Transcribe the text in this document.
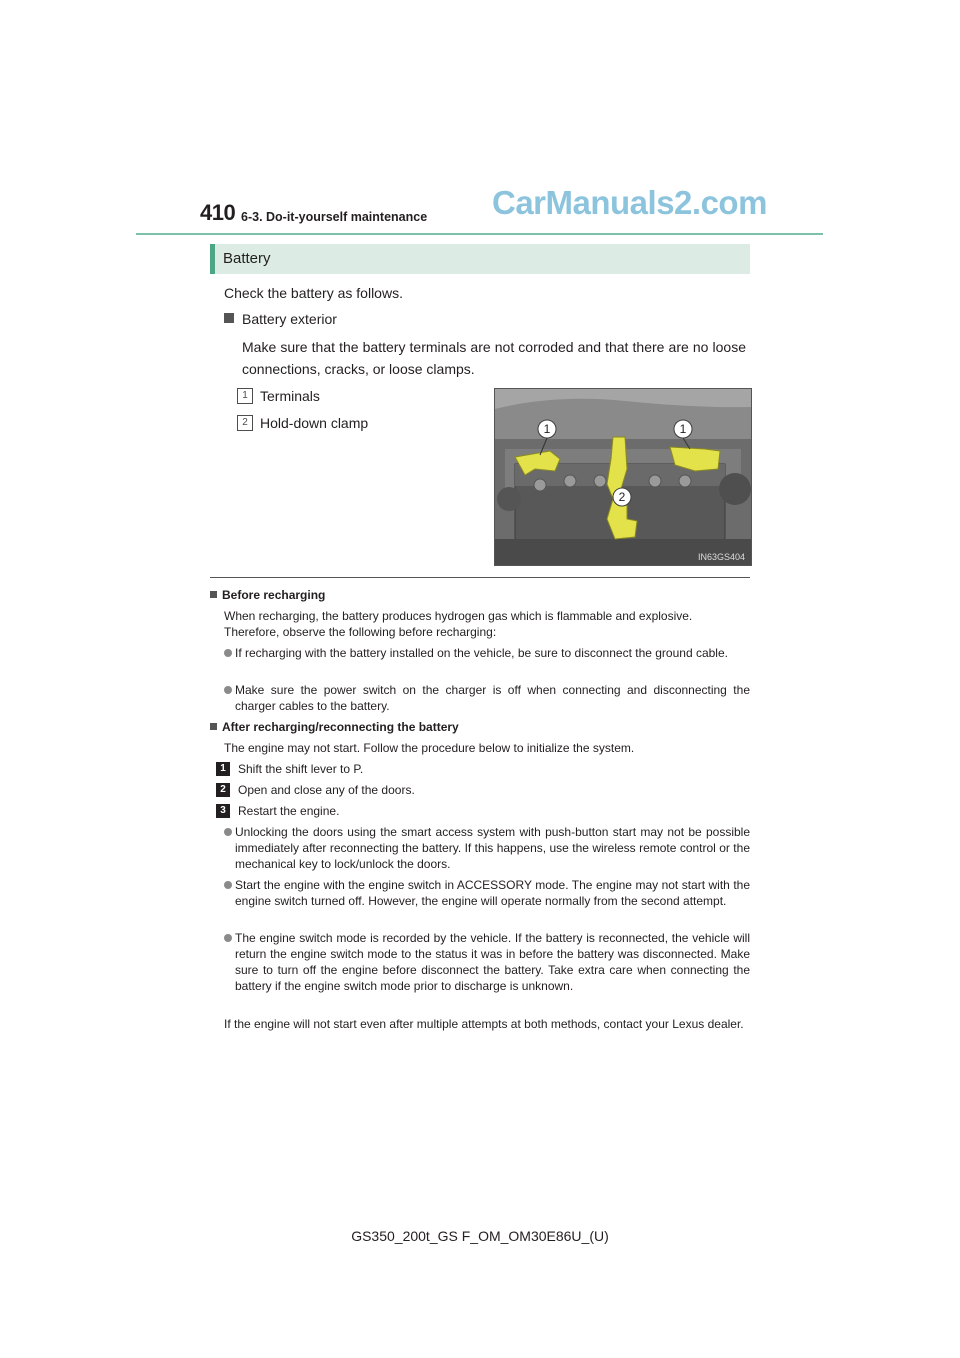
410 6-3. Do-it-yourself maintenance CarManuals2.com
Battery
Check the battery as follows.
Battery exterior
Make sure that the battery terminals are not corroded and that there are no loose connections, cracks, or loose clamps.
1 Terminals
2 Hold-down clamp	1	1
2
IN63GS404
Before recharging
When recharging, the battery produces hydrogen gas which is flammable and explosive. Therefore, observe the following before recharging:
If recharging with the battery installed on the vehicle, be sure to disconnect the ground cable.
Make sure the power switch on the charger is off when connecting and disconnecting the charger cables to the battery.
After recharging/reconnecting the battery
The engine may not start. Follow the procedure below to initialize the system.
1	Shift the shift lever to P.
2	Open and close any of the doors.
3	Restart the engine.
Unlocking the doors using the smart access system with push-button start may not be possible immediately after reconnecting the battery. If this happens, use the wireless remote control or the mechanical key to lock/unlock the doors.
Start the engine with the engine switch in ACCESSORY mode. The engine may not start with the engine switch turned off. However, the engine will operate normally from the second attempt.
The engine switch mode is recorded by the vehicle. If the battery is reconnected, the vehicle will return the engine switch mode to the status it was in before the battery was disconnected. Make sure to turn off the engine before disconnect the battery. Take extra care when connecting the battery if the engine switch mode prior to discharge is unknown.
If the engine will not start even after multiple attempts at both methods, contact your Lexus dealer.
GS350_200t_GS F_OM_OM30E86U_(U)
